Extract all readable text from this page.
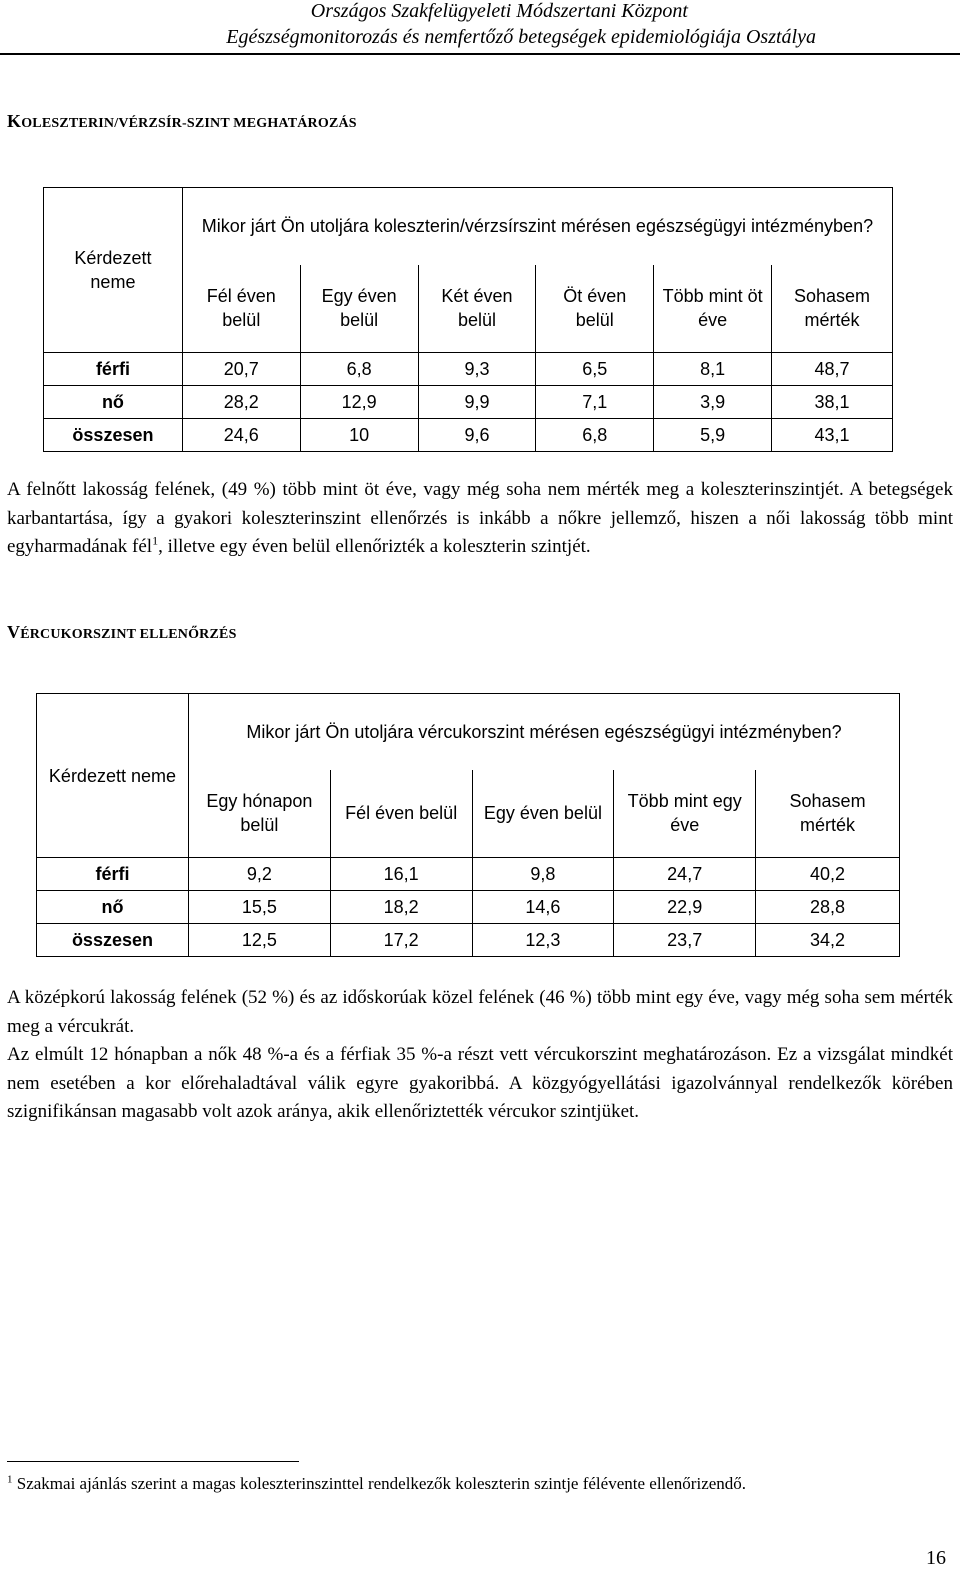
Országos Szakfelügyeleti Módszertani Központ
Egészségmonitorozás és nemfertőző betegségek epidemiológiája Osztálya
KOLESZTERIN/VÉRZSÍR-SZINT MEGHATÁROZÁS
Kérdezett neme	Mikor járt Ön utoljára koleszterin/vérzsírszint mérésen egészségügyi intézményben?					
	Fél éven belül	Egy éven belül	Két éven belül	Öt éven belül	Több mint öt éve	Sohasem mérték
férfi	20,7	6,8	9,3	6,5	8,1	48,7
nő	28,2	12,9	9,9	7,1	3,9	38,1
összesen	24,6	10	9,6	6,8	5,9	43,1
A felnőtt lakosság felének, (49 %) több mint öt éve, vagy még soha nem mérték meg a koleszterinszintjét. A betegségek karbantartása, így a gyakori koleszterinszint ellenőrzés is inkább a nőkre jellemző, hiszen a női lakosság több mint egyharmadának fél$^1$, illetve egy éven belül ellenőrizték a koleszterin szintjét.
VÉRCUKORSZINT ELLENŐRZÉS
Kérdezett neme	Mikor járt Ön utoljára vércukorszint mérésen egészségügyi intézményben?				
	Egy hónapon belül	Fél éven belül	Egy éven belül	Több mint egy éve	Sohasem mérték
férfi	9,2	16,1	9,8	24,7	40,2
nő	15,5	18,2	14,6	22,9	28,8
összesen	12,5	17,2	12,3	23,7	34,2
A középkorú lakosság felének (52 %) és az időskorúak közel felének (46 %) több mint egy éve, vagy még soha sem mérték meg a vércukrát.
Az elmúlt 12 hónapban a nők 48 %-a és a férfiak 35 %-a részt vett vércukorszint meghatározáson. Ez a vizsgálat mindkét nem esetében a kor előrehaladtával válik egyre gyakoribbá. A közgyógyellátási igazolvánnyal rendelkezők körében szignifikánsan magasabb volt azok aránya, akik ellenőriztették vércukor szintjüket.
$^1$ Szakmai ajánlás szerint a magas koleszterinszinttel rendelkezők koleszterin szintje félévente ellenőrizendő.
16
